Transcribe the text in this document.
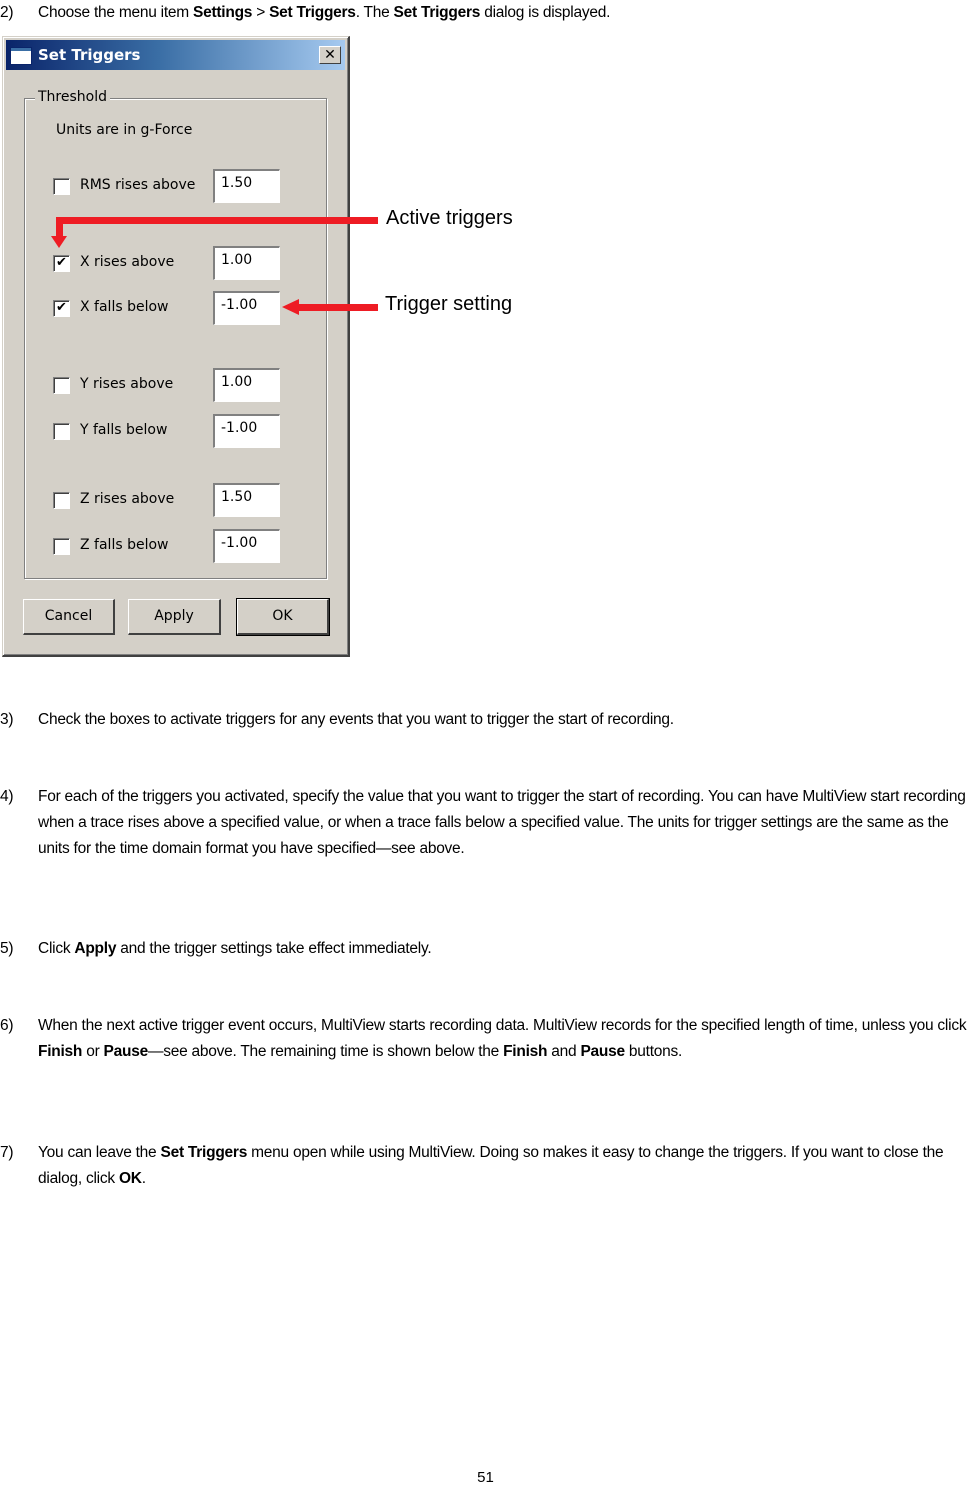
2) Choose the menu item Settings > Set Triggers. The Set Triggers dialog is displayed.
Set Triggers	✕
Threshold
Units are in g-Force
RMS rises above	1.50
✔ X rises above	1.00
✔ X falls below	-1.00
Y rises above	1.00
Y falls below	-1.00
Z rises above	1.50
Z falls below	-1.00
Cancel	Apply	OK
Active triggers
Trigger setting
3) Check the boxes to activate triggers for any events that you want to trigger the start of recording.
4) For each of the triggers you activated, specify the value that you want to trigger the start of recording. You can have MultiView start recording when a trace rises above a specified value, or when a trace falls below a specified value. The units for trigger settings are the same as the units for the time domain format you have specified—see above.
5) Click Apply and the trigger settings take effect immediately.
6) When the next active trigger event occurs, MultiView starts recording data. MultiView records for the specified length of time, unless you click Finish or Pause—see above. The remaining time is shown below the Finish and Pause buttons.
7) You can leave the Set Triggers menu open while using MultiView. Doing so makes it easy to change the triggers. If you want to close the dialog, click OK.
51
